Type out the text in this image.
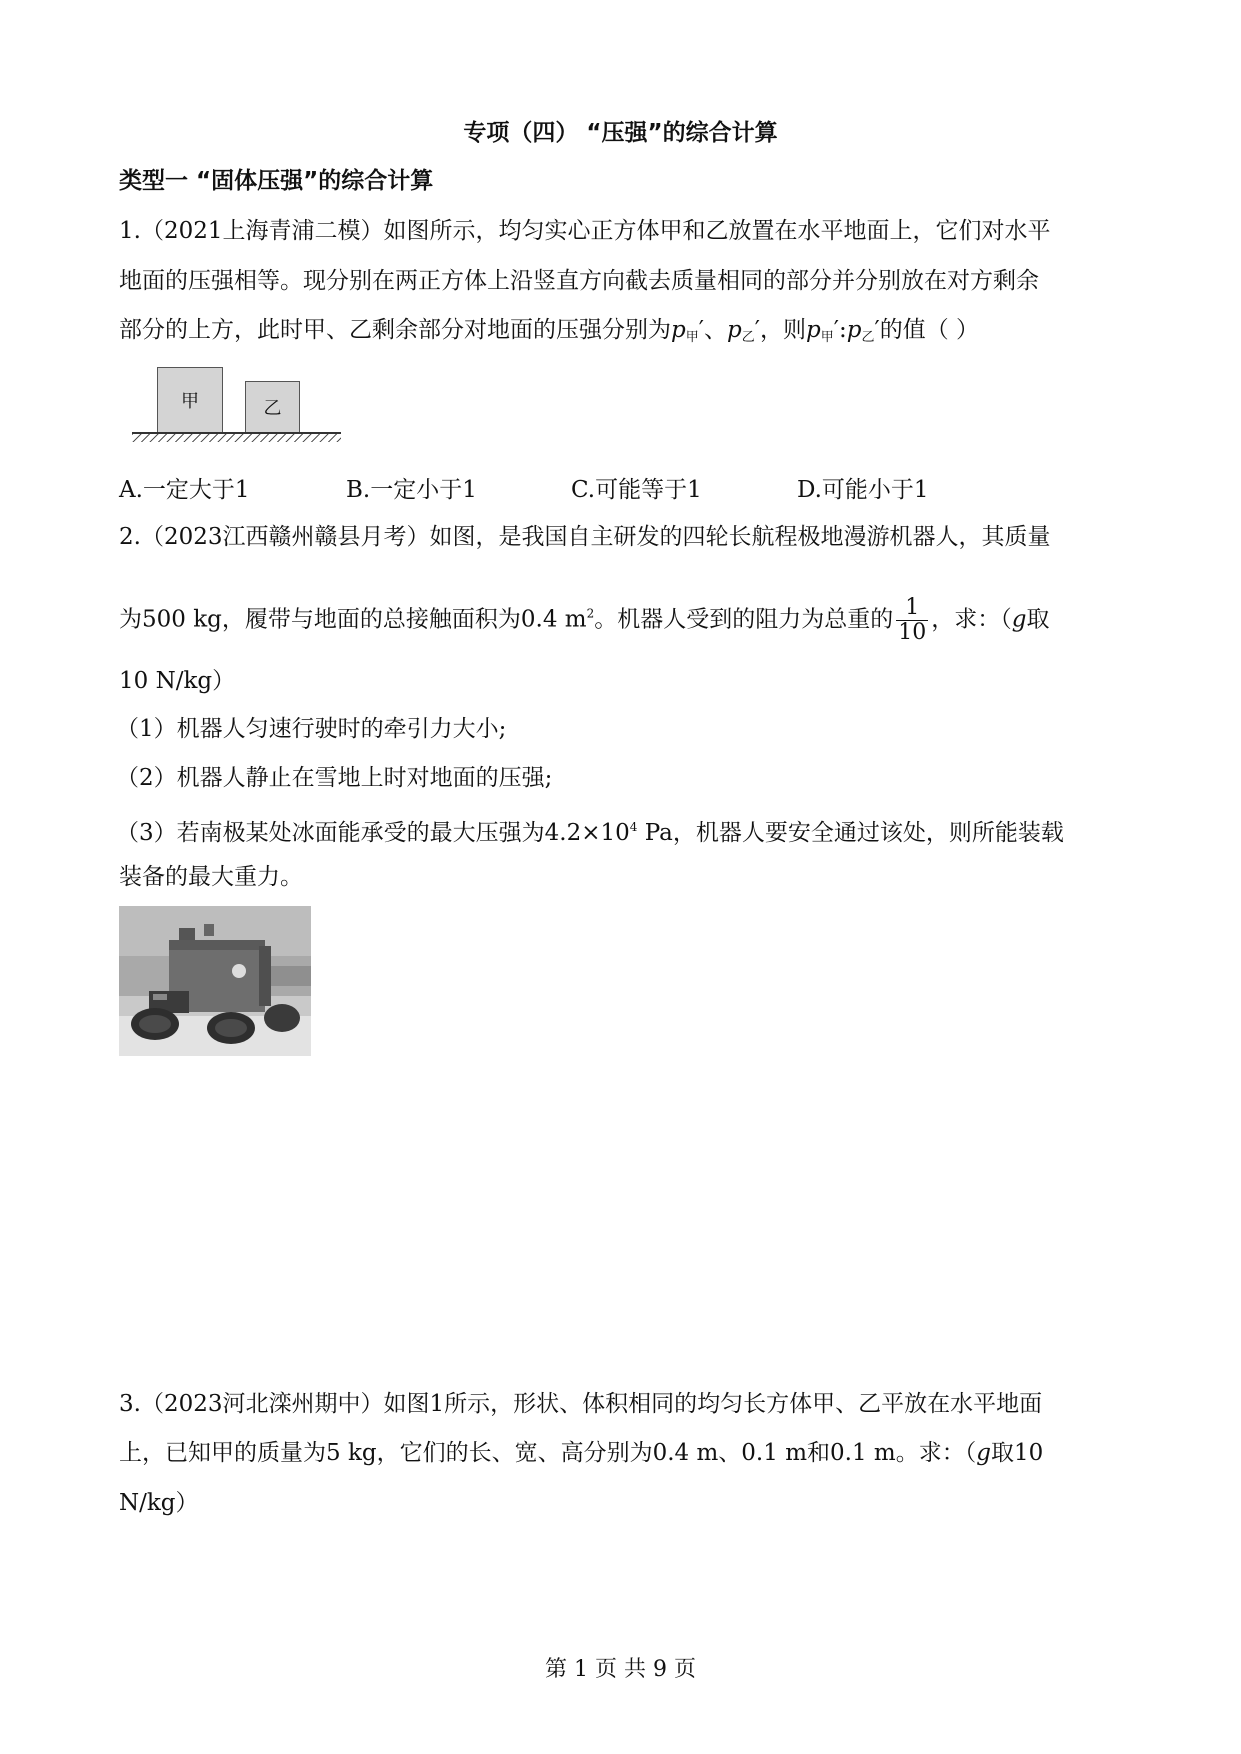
专项（四） “压强”的综合计算
类型一 “固体压强”的综合计算
1.（2021上海青浦二模）如图所示，均匀实心正方体甲和乙放置在水平地面上，它们对水平
地面的压强相等。现分别在两正方体上沿竖直方向截去质量相同的部分并分别放在对方剩余
部分的上方，此时甲、乙剩余部分对地面的压强分别为$p_甲'$、$p_乙'$，则$p_甲':p_乙'$的值（ ）
甲	乙
A.一定大于1	B.一定小于1	C.可能等于1	D.可能小于1
2.（2023江西赣州赣县月考）如图，是我国自主研发的四轮长航程极地漫游机器人，其质量
为500 kg，履带与地面的总接触面积为0.4 $m^2$。机器人受到的阻力为总重的 $\frac{1}{10}$ ，求：（g取
10 N/kg）
（1）机器人匀速行驶时的牵引力大小;
（2）机器人静止在雪地上时对地面的压强;
（3）若南极某处冰面能承受的最大压强为$4.2\times 10^4$ Pa，机器人要安全通过该处，则所能装载
装备的最大重力。
3.（2023河北滦州期中）如图1所示，形状、体积相同的均匀长方体甲、乙平放在水平地面
上，已知甲的质量为5 kg，它们的长、宽、高分别为0.4 m、0.1 m和0.1 m。求：（g取10
N/kg）
第 1 页 共 9 页
